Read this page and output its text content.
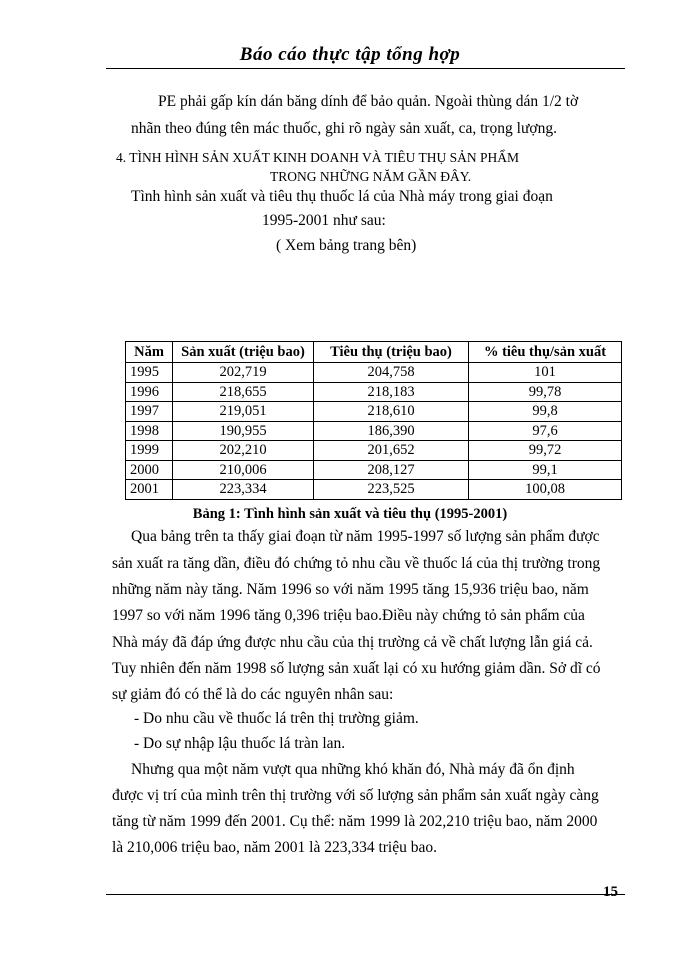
Báo cáo thực tập tổng hợp
PE phải gấp kín dán băng dính để bảo quản. Ngoài thùng dán 1/2 tờ
nhãn theo đúng tên mác thuốc, ghi rõ ngày sản xuất, ca, trọng lượng.
4. TÌNH HÌNH SẢN XUẤT KINH DOANH VÀ TIÊU THỤ SẢN PHẨM
TRONG NHỮNG NĂM GẦN ĐÂY.
Tình hình sản xuất và tiêu thụ thuốc lá của Nhà máy trong giai đoạn
1995-2001 như sau:
( Xem bảng trang bên)
Năm	Sản xuất (triệu bao)	Tiêu thụ (triệu bao)	% tiêu thụ/sản xuất
1995	202,719	204,758	101
1996	218,655	218,183	99,78
1997	219,051	218,610	99,8
1998	190,955	186,390	97,6
1999	202,210	201,652	99,72
2000	210,006	208,127	99,1
2001	223,334	223,525	100,08
Bảng 1: Tình hình sản xuất và tiêu thụ (1995-2001)
Qua bảng trên ta thấy giai đoạn từ năm 1995-1997 số lượng sản phẩm được
sản xuất ra tăng dần, điều đó chứng tỏ nhu cầu về thuốc lá của thị trường trong
những năm này tăng. Năm 1996 so với năm 1995 tăng 15,936 triệu bao, năm
1997 so với năm 1996 tăng 0,396 triệu bao.Điều này chứng tỏ sản phẩm của
Nhà máy đã đáp ứng được nhu cầu của thị trường cả về chất lượng lẫn giá cả.
Tuy nhiên đến năm 1998 số lượng sản xuất lại có xu hướng giảm dần. Sở dĩ có
sự giảm đó có thể là do các nguyên nhân sau:
- Do nhu cầu về thuốc lá trên thị trường giảm.
- Do sự nhập lậu thuốc lá tràn lan.
Nhưng qua một năm vượt qua những khó khăn đó, Nhà máy đã ổn định
được vị trí của mình trên thị trường với số lượng sản phẩm sản xuất ngày càng
tăng từ năm 1999 đến 2001. Cụ thể: năm 1999 là 202,210 triệu bao, năm 2000
là 210,006 triệu bao, năm 2001 là 223,334 triệu bao.
15
